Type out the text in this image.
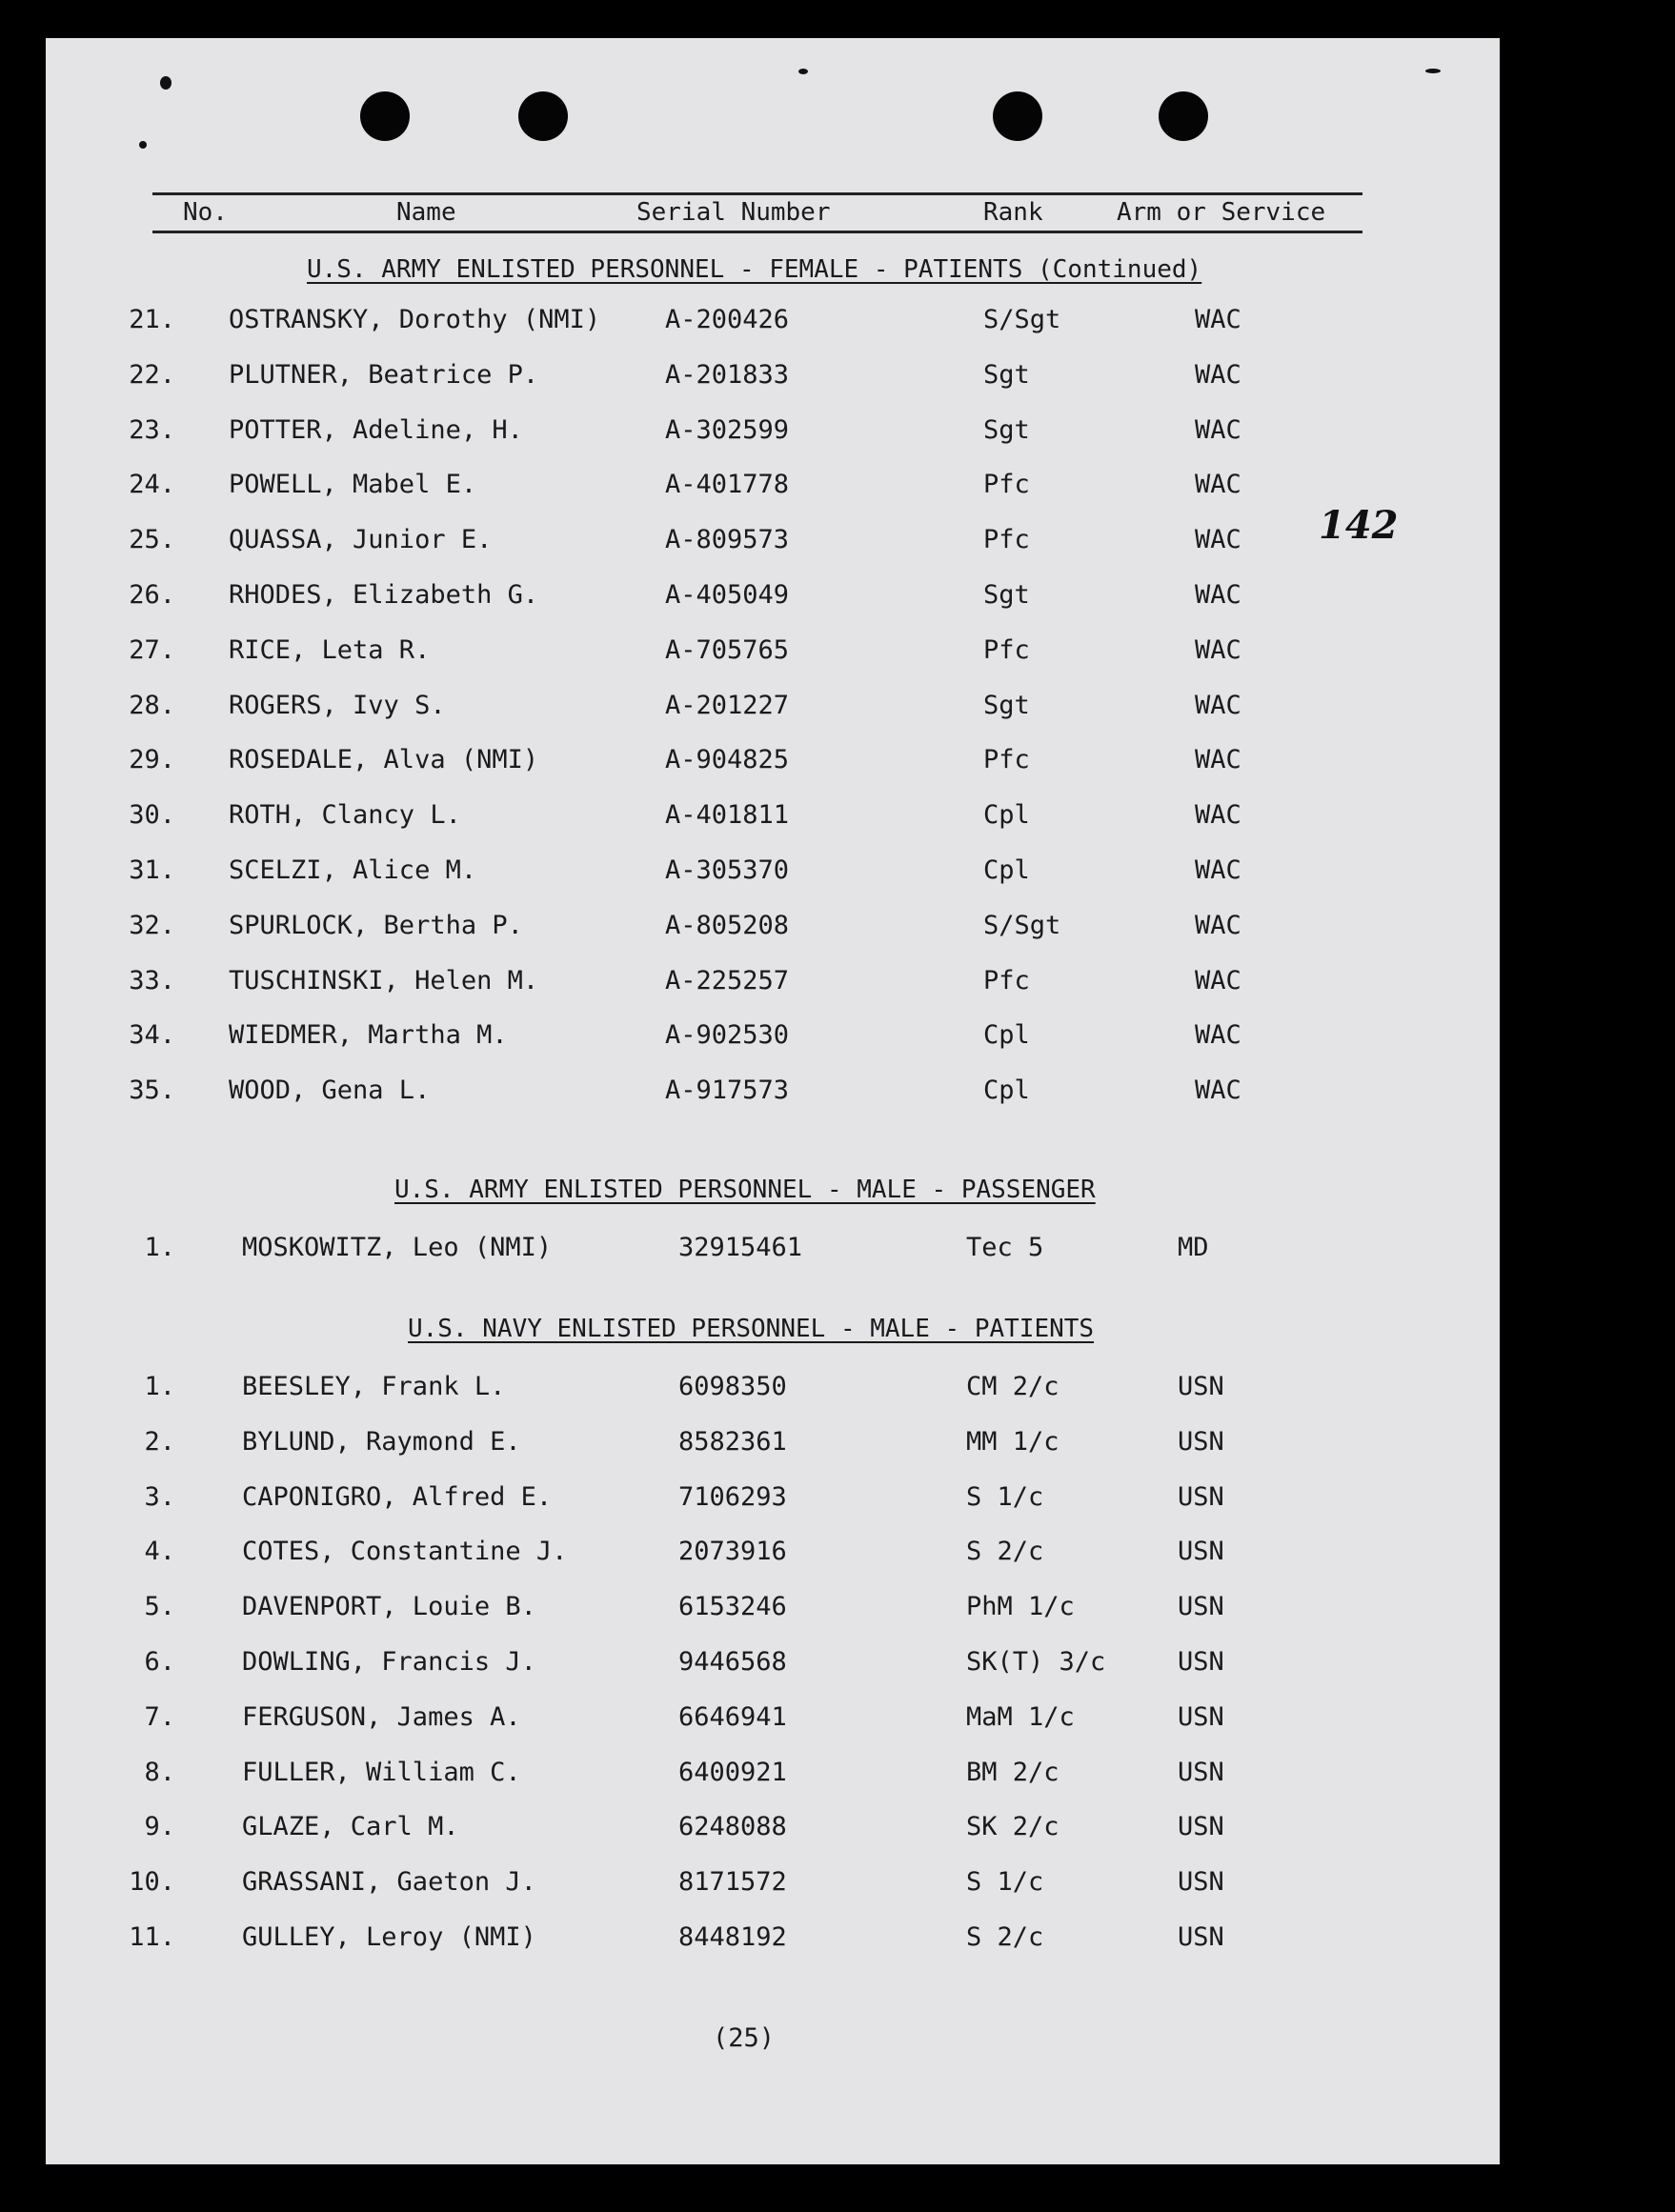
No.	Name	Serial Number	Rank	Arm or Service
U.S. ARMY ENLISTED PERSONNEL - FEMALE - PATIENTS (Continued)
21. OSTRANSKY, Dorothy (NMI)	A-200426	S/Sgt	WAC
22. PLUTNER, Beatrice P.	A-201833	Sgt	WAC
23. POTTER, Adeline, H.	A-302599	Sgt	WAC
24. POWELL, Mabel E.	A-401778	Pfc	WAC
25. QUASSA, Junior E.	A-809573	Pfc	WAC
26. RHODES, Elizabeth G.	A-405049	Sgt	WAC
27. RICE, Leta R.	A-705765	Pfc	WAC
28. ROGERS, Ivy S.	A-201227	Sgt	WAC
29. ROSEDALE, Alva (NMI)	A-904825	Pfc	WAC
30. ROTH, Clancy L.	A-401811	Cpl	WAC
31. SCELZI, Alice M.	A-305370	Cpl	WAC
32. SPURLOCK, Bertha P.	A-805208	S/Sgt	WAC
33. TUSCHINSKI, Helen M.	A-225257	Pfc	WAC
34. WIEDMER, Martha M.	A-902530	Cpl	WAC
35. WOOD, Gena L.	A-917573	Cpl	WAC
U.S. ARMY ENLISTED PERSONNEL - MALE - PASSENGER
1.	MOSKOWITZ, Leo (NMI)	32915461	Tec 5	MD
U.S. NAVY ENLISTED PERSONNEL - MALE - PATIENTS
1.	BEESLEY, Frank L.	6098350	CM 2/c	USN
2.	BYLUND, Raymond E.	8582361	MM 1/c	USN
3.	CAPONIGRO, Alfred E.	7106293	S 1/c	USN
4.	COTES, Constantine J.	2073916	S 2/c	USN
5.	DAVENPORT, Louie B.	6153246	PhM 1/c	USN
6.	DOWLING, Francis J.	9446568	SK(T) 3/c	USN
7.	FERGUSON, James A.	6646941	MaM 1/c	USN
8.	FULLER, William C.	6400921	BM 2/c	USN
9.	GLAZE, Carl M.	6248088	SK 2/c	USN
10.	GRASSANI, Gaeton J.	8171572	S 1/c	USN
11.	GULLEY, Leroy (NMI)	8448192	S 2/c	USN
142
(25)
